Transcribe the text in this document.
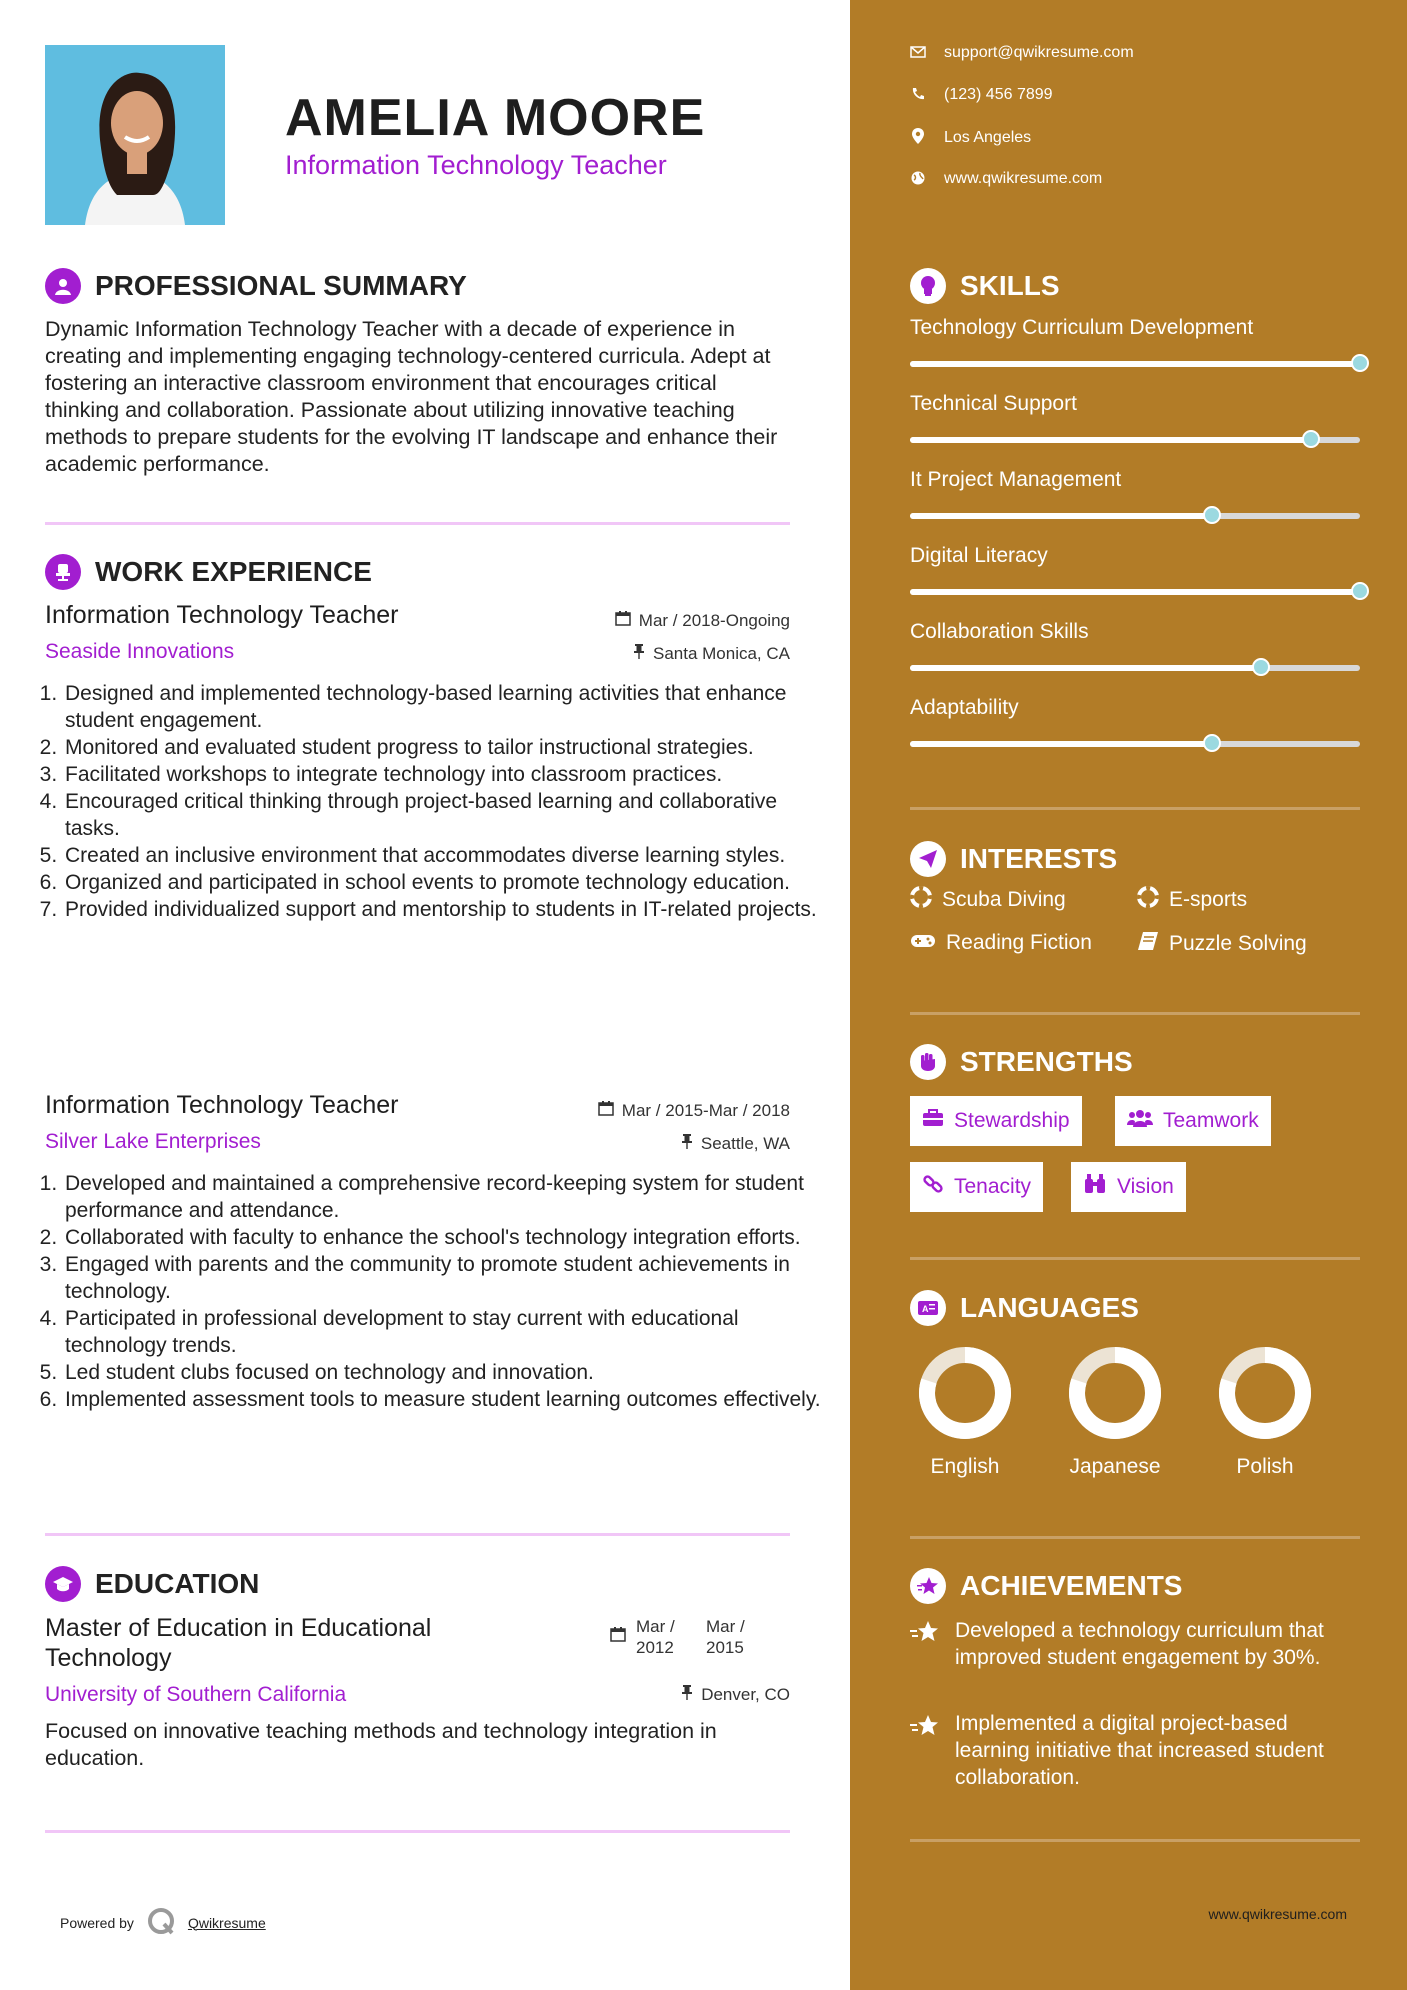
AMELIA MOORE
Information Technology Teacher
PROFESSIONAL SUMMARY
Dynamic Information Technology Teacher with a decade of experience in creating and implementing engaging technology-centered curricula. Adept at fostering an interactive classroom environment that encourages critical thinking and collaboration. Passionate about utilizing innovative teaching methods to prepare students for the evolving IT landscape and enhance their academic performance.
WORK EXPERIENCE
Information Technology Teacher	Mar / 2018-Ongoing
Seaside Innovations	Santa Monica, CA
1. Designed and implemented technology-based learning activities that enhance student engagement.
2. Monitored and evaluated student progress to tailor instructional strategies.
3. Facilitated workshops to integrate technology into classroom practices.
4. Encouraged critical thinking through project-based learning and collaborative tasks.
5. Created an inclusive environment that accommodates diverse learning styles.
6. Organized and participated in school events to promote technology education.
7. Provided individualized support and mentorship to students in IT-related projects.
Information Technology Teacher	Mar / 2015-Mar / 2018
Silver Lake Enterprises	Seattle, WA
1. Developed and maintained a comprehensive record-keeping system for student performance and attendance.
2. Collaborated with faculty to enhance the school's technology integration efforts.
3. Engaged with parents and the community to promote student achievements in technology.
4. Participated in professional development to stay current with educational technology trends.
5. Led student clubs focused on technology and innovation.
6. Implemented assessment tools to measure student learning outcomes effectively.
EDUCATION
Master of Education in Educational Technology
Mar / 2012
Mar / 2015
University of Southern California	Denver, CO
Focused on innovative teaching methods and technology integration in education.
Powered by	Qwikresume
support@qwikresume.com
(123) 456 7899
Los Angeles
www.qwikresume.com
SKILLS
Technology Curriculum Development
Technical Support
It Project Management
Digital Literacy
Collaboration Skills
Adaptability
INTERESTS
Scuba Diving	E-sports
Reading Fiction	Puzzle Solving
STRENGTHS
Stewardship	Teamwork
Tenacity	Vision
A LANGUAGES
English	Japanese	Polish
ACHIEVEMENTS
Developed a technology curriculum that improved student engagement by 30%.
Implemented a digital project-based learning initiative that increased student collaboration.
www.qwikresume.com
